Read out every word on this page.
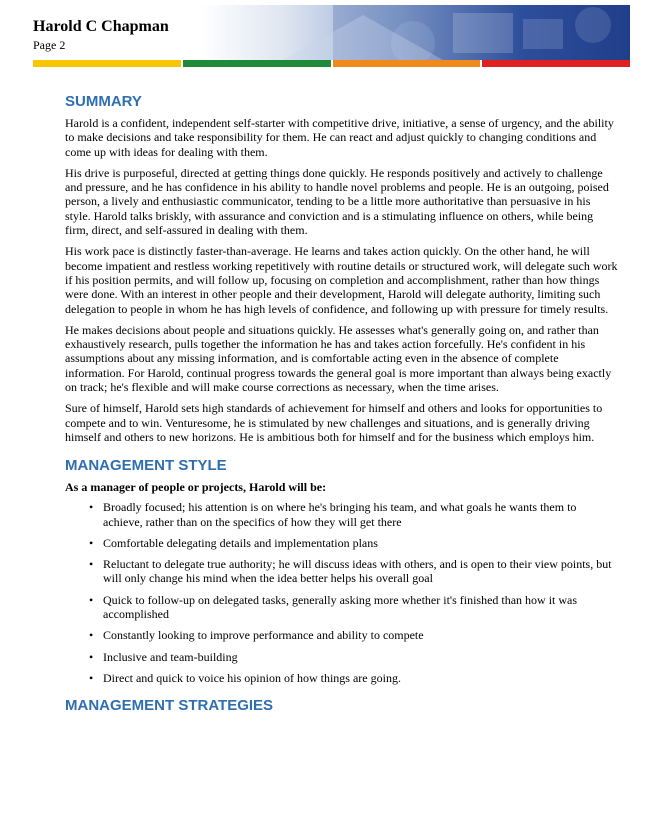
Harold C Chapman
Page 2
SUMMARY
Harold is a confident, independent self-starter with competitive drive, initiative, a sense of urgency, and the ability to make decisions and take responsibility for them. He can react and adjust quickly to changing conditions and come up with ideas for dealing with them.
His drive is purposeful, directed at getting things done quickly. He responds positively and actively to challenge and pressure, and he has confidence in his ability to handle novel problems and people. He is an outgoing, poised person, a lively and enthusiastic communicator, tending to be a little more authoritative than persuasive in his style. Harold talks briskly, with assurance and conviction and is a stimulating influence on others, while being firm, direct, and self-assured in dealing with them.
His work pace is distinctly faster-than-average. He learns and takes action quickly. On the other hand, he will become impatient and restless working repetitively with routine details or structured work, will delegate such work if his position permits, and will follow up, focusing on completion and accomplishment, rather than how things were done. With an interest in other people and their development, Harold will delegate authority, limiting such delegation to people in whom he has high levels of confidence, and following up with pressure for timely results.
He makes decisions about people and situations quickly. He assesses what's generally going on, and rather than exhaustively research, pulls together the information he has and takes action forcefully. He's confident in his assumptions about any missing information, and is comfortable acting even in the absence of complete information. For Harold, continual progress towards the general goal is more important than always being exactly on track; he's flexible and will make course corrections as necessary, when the time arises.
Sure of himself, Harold sets high standards of achievement for himself and others and looks for opportunities to compete and to win. Venturesome, he is stimulated by new challenges and situations, and is generally driving himself and others to new horizons. He is ambitious both for himself and for the business which employs him.
MANAGEMENT STYLE
As a manager of people or projects, Harold will be:
• Broadly focused; his attention is on where he's bringing his team, and what goals he wants them to achieve, rather than on the specifics of how they will get there
• Comfortable delegating details and implementation plans
• Reluctant to delegate true authority; he will discuss ideas with others, and is open to their view points, but will only change his mind when the idea better helps his overall goal
• Quick to follow-up on delegated tasks, generally asking more whether it's finished than how it was accomplished
• Constantly looking to improve performance and ability to compete
• Inclusive and team-building
• Direct and quick to voice his opinion of how things are going.
MANAGEMENT STRATEGIES
